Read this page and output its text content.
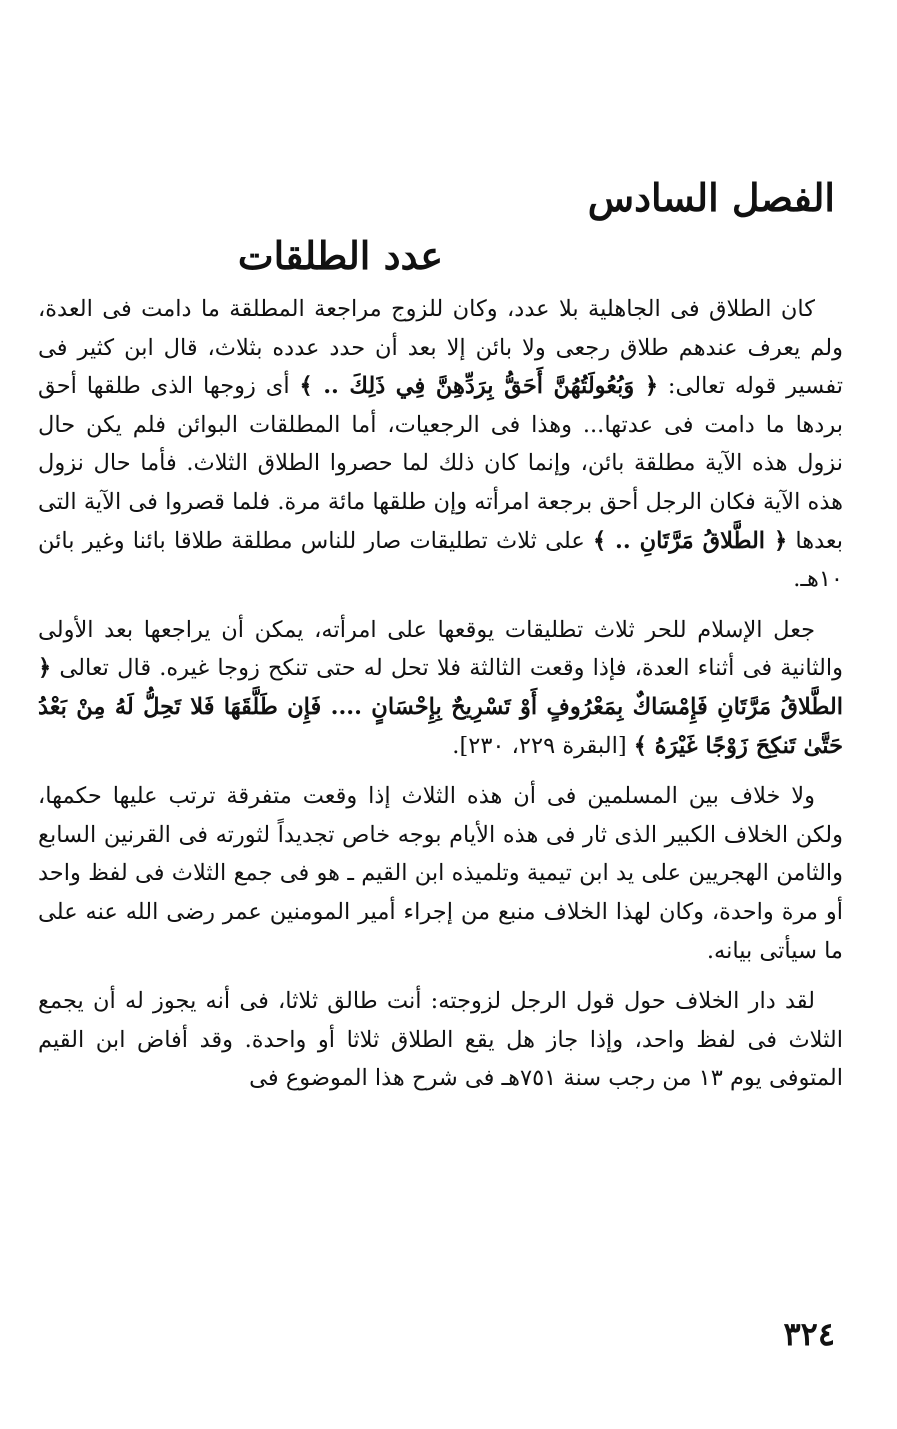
الفصل السادس
عدد الطلقات

كان الطلاق فى الجاهلية بلا عدد، وكان للزوج مراجعة المطلقة ما دامت فى العدة، ولم يعرف عندهم طلاق رجعى ولا بائن إلا بعد أن حدد عدده بثلاث، قال ابن كثير فى تفسير قوله تعالى: ﴿ وَبُعُولَتُهُنَّ أَحَقُّ بِرَدِّهِنَّ فِي ذَلِكَ .. ﴾ أى زوجها الذى طلقها أحق بردها ما دامت فى عدتها... وهذا فى الرجعيات، أما المطلقات البوائن فلم يكن حال نزول هذه الآية مطلقة بائن، وإنما كان ذلك لما حصروا الطلاق الثلاث. فأما حال نزول هذه الآية فكان الرجل أحق برجعة امرأته وإن طلقها مائة مرة. فلما قصروا فى الآية التى بعدها ﴿ الطَّلاقُ مَرَّتَانِ .. ﴾ على ثلاث تطليقات صار للناس مطلقة طلاقا بائنا وغير بائن ١٠هـ.

جعل الإسلام للحر ثلاث تطليقات يوقعها على امرأته، يمكن أن يراجعها بعد الأولى والثانية فى أثناء العدة، فإذا وقعت الثالثة فلا تحل له حتى تنكح زوجا غيره. قال تعالى ﴿ الطَّلاقُ مَرَّتَانِ فَإِمْسَاكٌ بِمَعْرُوفٍ أَوْ تَسْرِيحٌ بِإِحْسَانٍ .... فَإِن طَلَّقَهَا فَلا تَحِلُّ لَهُ مِنْ بَعْدُ حَتَّىٰ تَنكِحَ زَوْجًا غَيْرَهُ ﴾ [البقرة ٢٢٩، ٢٣٠].

ولا خلاف بين المسلمين فى أن هذه الثلاث إذا وقعت متفرقة ترتب عليها حكمها، ولكن الخلاف الكبير الذى ثار فى هذه الأيام بوجه خاص تجديداً لثورته فى القرنين السابع والثامن الهجريين على يد ابن تيمية وتلميذه ابن القيم ـ هو فى جمع الثلاث فى لفظ واحد أو مرة واحدة، وكان لهذا الخلاف منبع من إجراء أمير المومنين عمر رضى الله عنه على ما سيأتى بيانه.

لقد دار الخلاف حول قول الرجل لزوجته: أنت طالق ثلاثا، فى أنه يجوز له أن يجمع الثلاث فى لفظ واحد، وإذا جاز هل يقع الطلاق ثلاثا أو واحدة. وقد أفاض ابن القيم المتوفى يوم ١٣ من رجب سنة ٧٥١هـ فى شرح هذا الموضوع فى

٣٢٤
